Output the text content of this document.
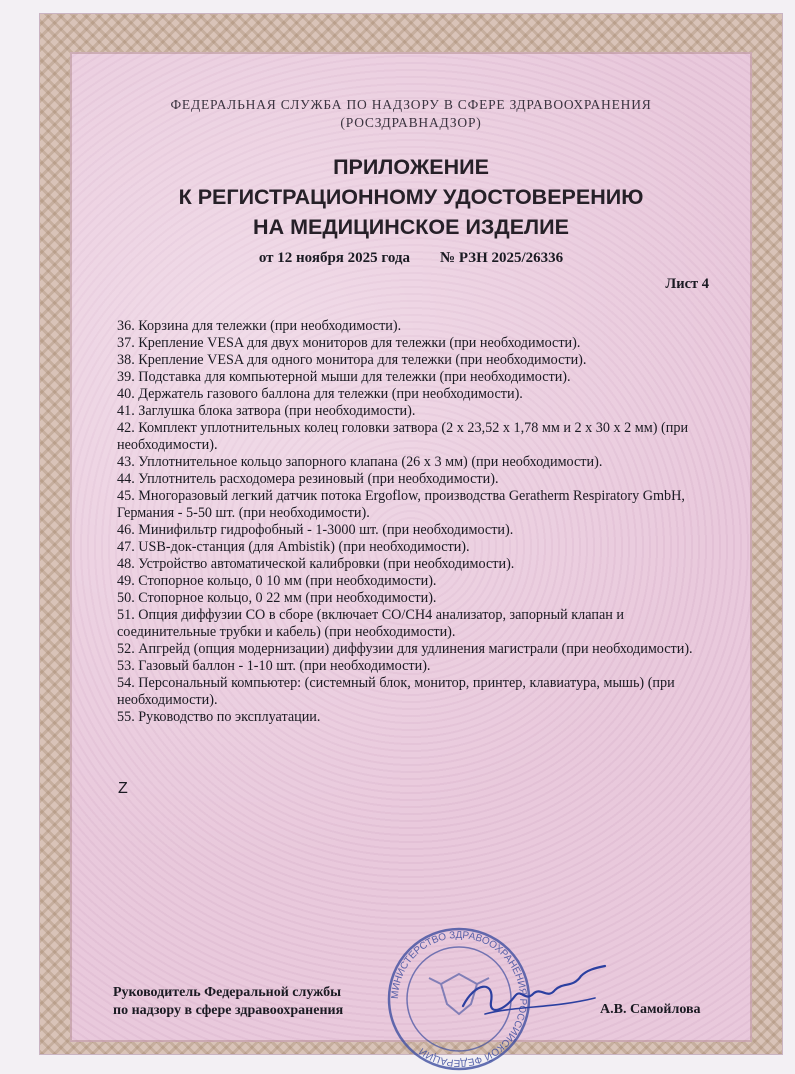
ФЕДЕРАЛЬНАЯ СЛУЖБА ПО НАДЗОРУ В СФЕРЕ ЗДРАВООХРАНЕНИЯ
(РОСЗДРАВНАДЗОР)
ПРИЛОЖЕНИЕ
К РЕГИСТРАЦИОННОМУ УДОСТОВЕРЕНИЮ
НА МЕДИЦИНСКОЕ ИЗДЕЛИЕ
от 12 ноября 2025 года № РЗН 2025/26336
Лист 4
36. Корзина для тележки (при необходимости).
37. Крепление VESA для двух мониторов для тележки (при необходимости).
38. Крепление VESA для одного монитора для тележки (при необходимости).
39. Подставка для компьютерной мыши для тележки (при необходимости).
40. Держатель газового баллона для тележки (при необходимости).
41. Заглушка блока затвора (при необходимости).
42. Комплект уплотнительных колец головки затвора (2 х 23,52 х 1,78 мм и 2 х 30 х 2 мм) (при необходимости).
43. Уплотнительное кольцо запорного клапана (26 х 3 мм) (при необходимости).
44. Уплотнитель расходомера резиновый (при необходимости).
45. Многоразовый легкий датчик потока Ergoflow, производства Geratherm Respiratory GmbH, Германия - 5-50 шт. (при необходимости).
46. Минифильтр гидрофобный - 1-3000 шт. (при необходимости).
47. USB-док-станция (для Ambistik) (при необходимости).
48. Устройство автоматической калибровки (при необходимости).
49. Стопорное кольцо, 0 10 мм (при необходимости).
50. Стопорное кольцо, 0 22 мм (при необходимости).
51. Опция диффузии СО в сборе (включает CO/CH4 анализатор, запорный клапан и соединительные трубки и кабель) (при необходимости).
52. Апгрейд (опция модернизации) диффузии для удлинения магистрали (при необходимости).
53. Газовый баллон - 1-10 шт. (при необходимости).
54. Персональный компьютер: (системный блок, монитор, принтер, клавиатура, мышь) (при необходимости).
55. Руководство по эксплуатации.
Z
МИНИСТЕРСТВО ЗДРАВООХРАНЕНИЯ РОССИЙСКОЙ ФЕДЕРАЦИИ
Руководитель Федеральной службы
по надзору в сфере здравоохранения	А.В. Самойлова
